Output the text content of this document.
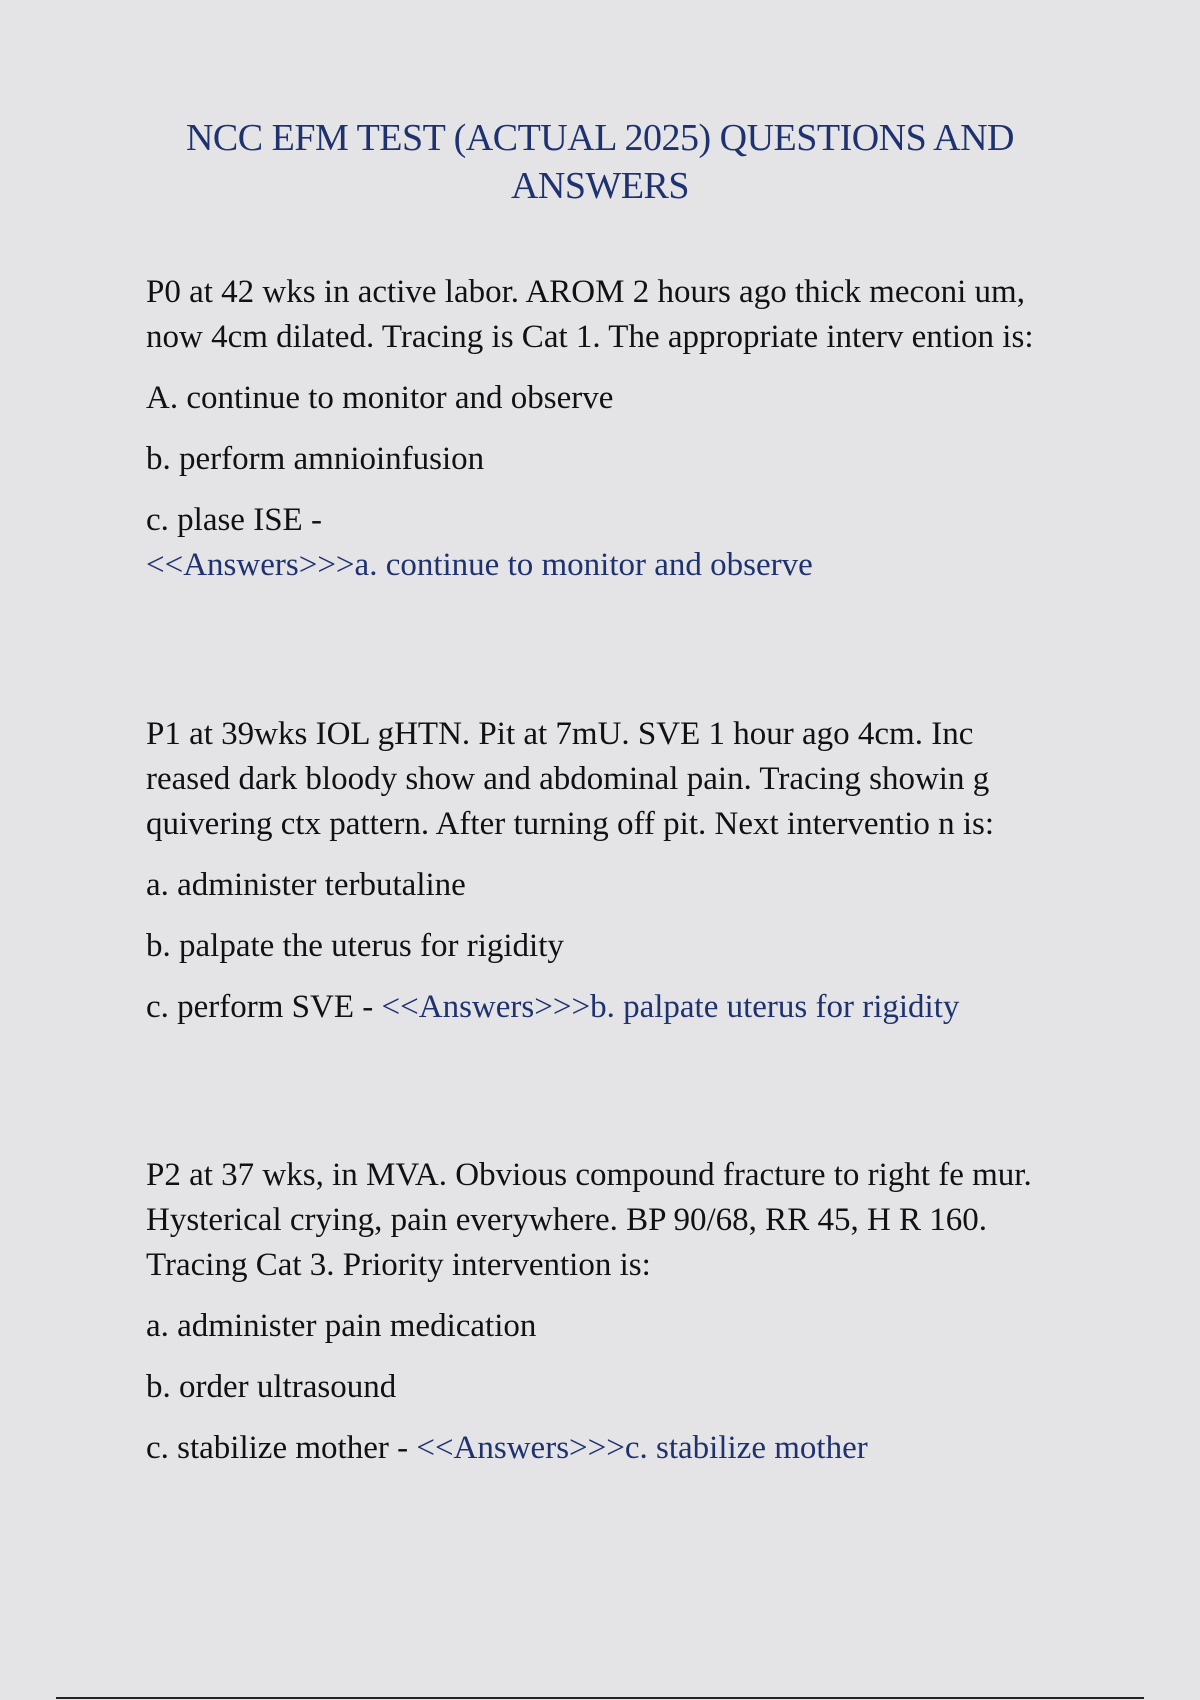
NCC EFM TEST (ACTUAL 2025) QUESTIONS AND ANSWERS

P0 at 42 wks in active labor. AROM 2 hours ago thick meconi um, now 4cm dilated. Tracing is Cat 1. The appropriate interv ention is:

A. continue to monitor and observe

b. perform amnioinfusion

c. plase ISE -

<<Answers>>>a. continue to monitor and observe

P1 at 39wks IOL gHTN. Pit at 7mU. SVE 1 hour ago 4cm. Inc reased dark bloody show and abdominal pain. Tracing showin g quivering ctx pattern. After turning off pit. Next interventio n is:

a. administer terbutaline

b. palpate the uterus for rigidity

c. perform SVE - <<Answers>>>b. palpate uterus for rigidity

P2 at 37 wks, in MVA. Obvious compound fracture to right fe mur. Hysterical crying, pain everywhere. BP 90/68, RR 45, H R 160. Tracing Cat 3. Priority intervention is:

a. administer pain medication

b. order ultrasound

c. stabilize mother - <<Answers>>>c. stabilize mother
